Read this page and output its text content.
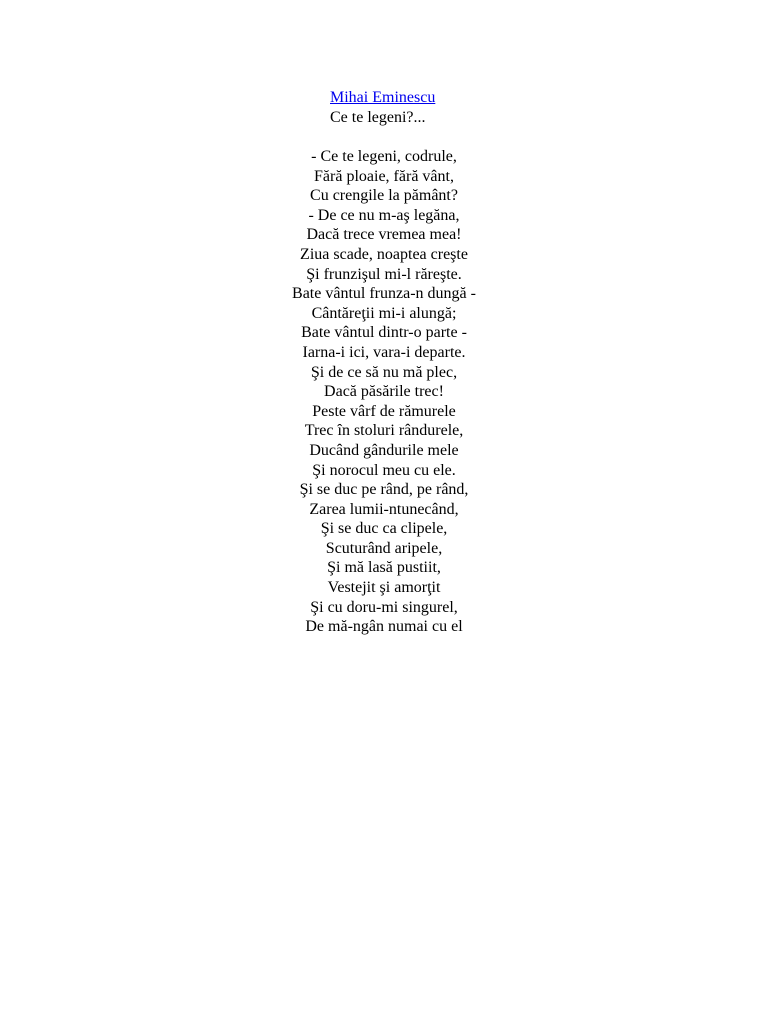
Mihai Eminescu
Ce te legeni?...
- Ce te legeni, codrule,
Fără ploaie, fără vânt,
Cu crengile la pământ?
- De ce nu m-aş legăna,
Dacă trece vremea mea!
Ziua scade, noaptea creşte
Şi frunzişul mi-l răreşte.
Bate vântul frunza-n dungă -
Cântăreţii mi-i alungă;
Bate vântul dintr-o parte -
Iarna-i ici, vara-i departe.
Şi de ce să nu mă plec,
Dacă păsările trec!
Peste vârf de rămurele
Trec în stoluri rândurele,
Ducând gândurile mele
Şi norocul meu cu ele.
Şi se duc pe rând, pe rând,
Zarea lumii-ntunecând,
Şi se duc ca clipele,
Scuturând aripele,
Şi mă lasă pustiit,
Vestejit şi amorţit
Şi cu doru-mi singurel,
De mă-ngân numai cu el
